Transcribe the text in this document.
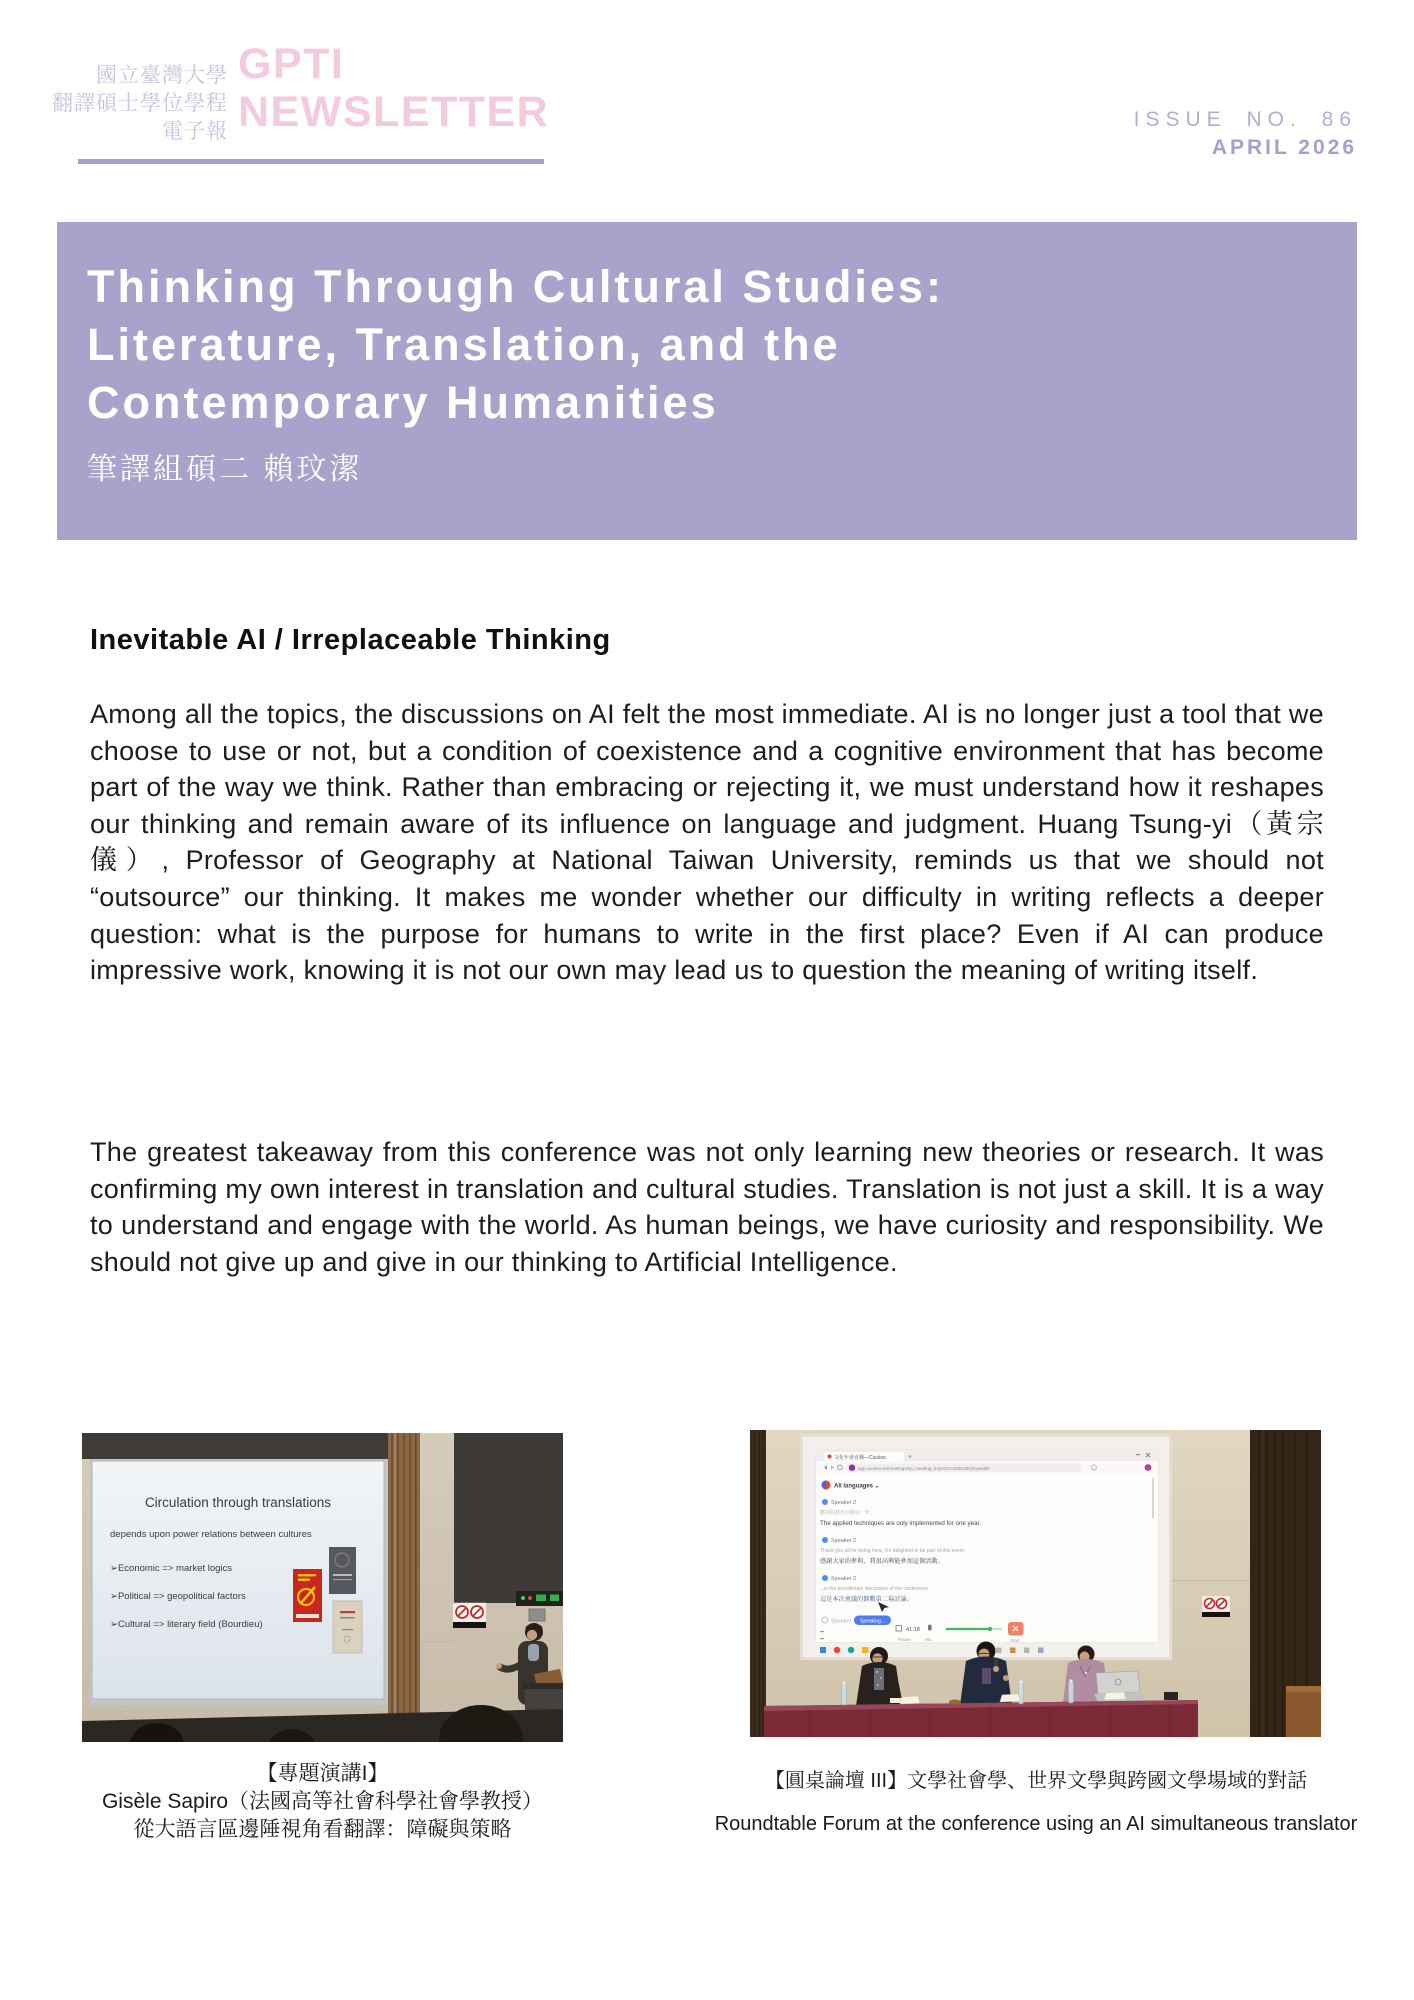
國立臺灣大學
翻譯碩士學位學程
電子報
GPTI
NEWSLETTER	ISSUE NO. 86
APRIL 2026
Thinking Through Cultural Studies:
Literature, Translation, and the
Contemporary Humanities
筆譯組碩二 賴玟潔
Inevitable AI / Irreplaceable Thinking
Among all the topics, the discussions on AI felt the most immediate. AI is no longer just a tool that we choose to use or not, but a condition of coexistence and a cognitive environment that has become part of the way we think. Rather than embracing or rejecting it, we must understand how it reshapes our thinking and remain aware of its influence on language and judgment. Huang Tsung-yi（黃宗儀）, Professor of Geography at National Taiwan University, reminds us that we should not “outsource” our thinking. It makes me wonder whether our difficulty in writing reflects a deeper question: what is the purpose for humans to write in the first place? Even if AI can produce impressive work, knowing it is not our own may lead us to question the meaning of writing itself.
The greatest takeaway from this conference was not only learning new theories or research. It was confirming my own interest in translation and cultural studies. Translation is not just a skill. It is a way to understand and engage with the world. As human beings, we have curiosity and responsibility. We should not give up and give in our thinking to Artificial Intelligence.
Circulation through translations
depends upon power relations between cultures
➢Economic => market logics
➢Political => geopolitical factors
➢Cultural => literary field (Bourdieu)
文化年會直播—Cuckoo
app.cuckoo.so/meetings/np_meeting_bAjNGGcOMnD9Qmyaw6bi
All languages ⌄
Speaker 2
應用的技巧只執行一年。
The applied techniques are only implemented for one year.
Speaker 2
Thank you all for being here, I'm delighted to be part of this event.
感謝大家的參與，我很高興能參加這個活動。
Speaker 2
...is the penultimate discussion of the conference.
這是本次會議的倒數第二場討論。
Speaker Speaking...
41:18
Pause	Mic	End
【專題演講I】
Gisèle Sapiro（法國高等社會科學社會學教授）
從大語言區邊陲視角看翻譯：障礙與策略
【圓桌論壇 III】文學社會學、世界文學與跨國文學場域的對話
Roundtable Forum at the conference using an AI simultaneous translator
